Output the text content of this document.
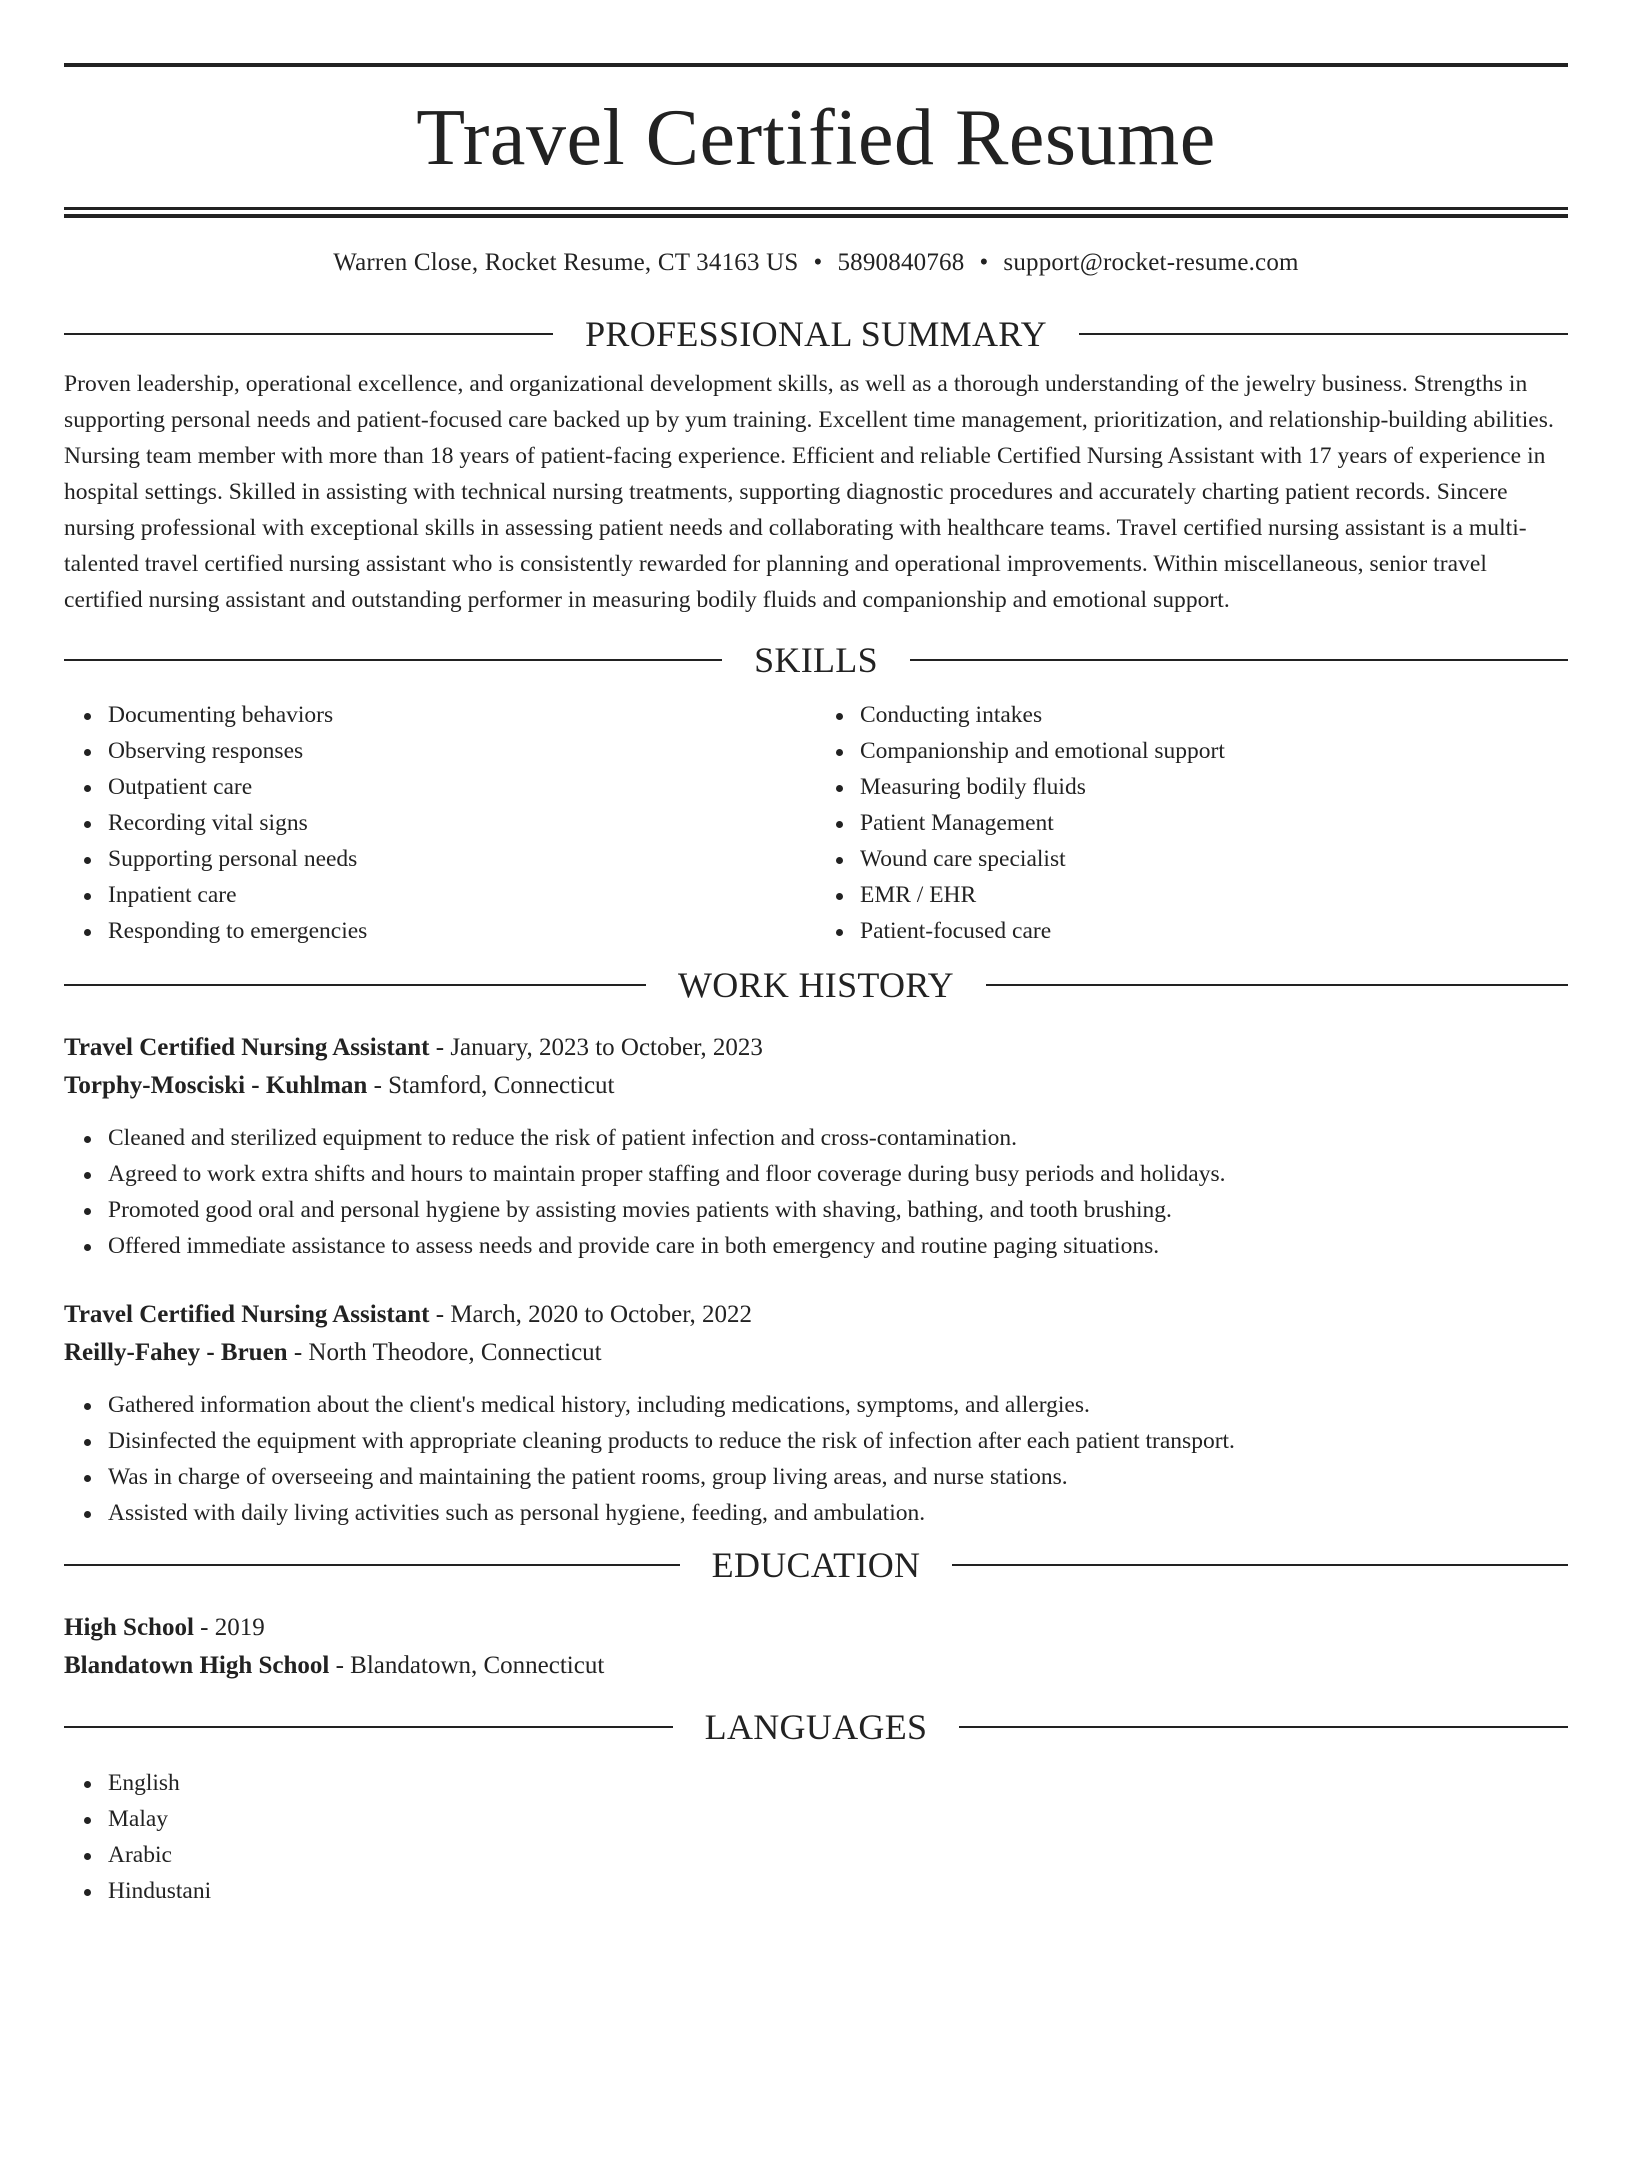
Travel Certified Resume
Warren Close, Rocket Resume, CT 34163 US • 5890840768 • support@rocket-resume.com
PROFESSIONAL SUMMARY
Proven leadership, operational excellence, and organizational development skills, as well as a thorough understanding of the jewelry business. Strengths in supporting personal needs and patient-focused care backed up by yum training. Excellent time management, prioritization, and relationship-building abilities. Nursing team member with more than 18 years of patient-facing experience. Efficient and reliable Certified Nursing Assistant with 17 years of experience in hospital settings. Skilled in assisting with technical nursing treatments, supporting diagnostic procedures and accurately charting patient records. Sincere nursing professional with exceptional skills in assessing patient needs and collaborating with healthcare teams. Travel certified nursing assistant is a multi-talented travel certified nursing assistant who is consistently rewarded for planning and operational improvements. Within miscellaneous, senior travel certified nursing assistant and outstanding performer in measuring bodily fluids and companionship and emotional support.
SKILLS
Documenting behaviors
Observing responses
Outpatient care
Recording vital signs
Supporting personal needs
Inpatient care
Responding to emergencies
Conducting intakes
Companionship and emotional support
Measuring bodily fluids
Patient Management
Wound care specialist
EMR / EHR
Patient-focused care
WORK HISTORY
Travel Certified Nursing Assistant - January, 2023 to October, 2023
Torphy-Mosciski - Kuhlman - Stamford, Connecticut
Cleaned and sterilized equipment to reduce the risk of patient infection and cross-contamination.
Agreed to work extra shifts and hours to maintain proper staffing and floor coverage during busy periods and holidays.
Promoted good oral and personal hygiene by assisting movies patients with shaving, bathing, and tooth brushing.
Offered immediate assistance to assess needs and provide care in both emergency and routine paging situations.
Travel Certified Nursing Assistant - March, 2020 to October, 2022
Reilly-Fahey - Bruen - North Theodore, Connecticut
Gathered information about the client's medical history, including medications, symptoms, and allergies.
Disinfected the equipment with appropriate cleaning products to reduce the risk of infection after each patient transport.
Was in charge of overseeing and maintaining the patient rooms, group living areas, and nurse stations.
Assisted with daily living activities such as personal hygiene, feeding, and ambulation.
EDUCATION
High School - 2019
Blandatown High School - Blandatown, Connecticut
LANGUAGES
English
Malay
Arabic
Hindustani
